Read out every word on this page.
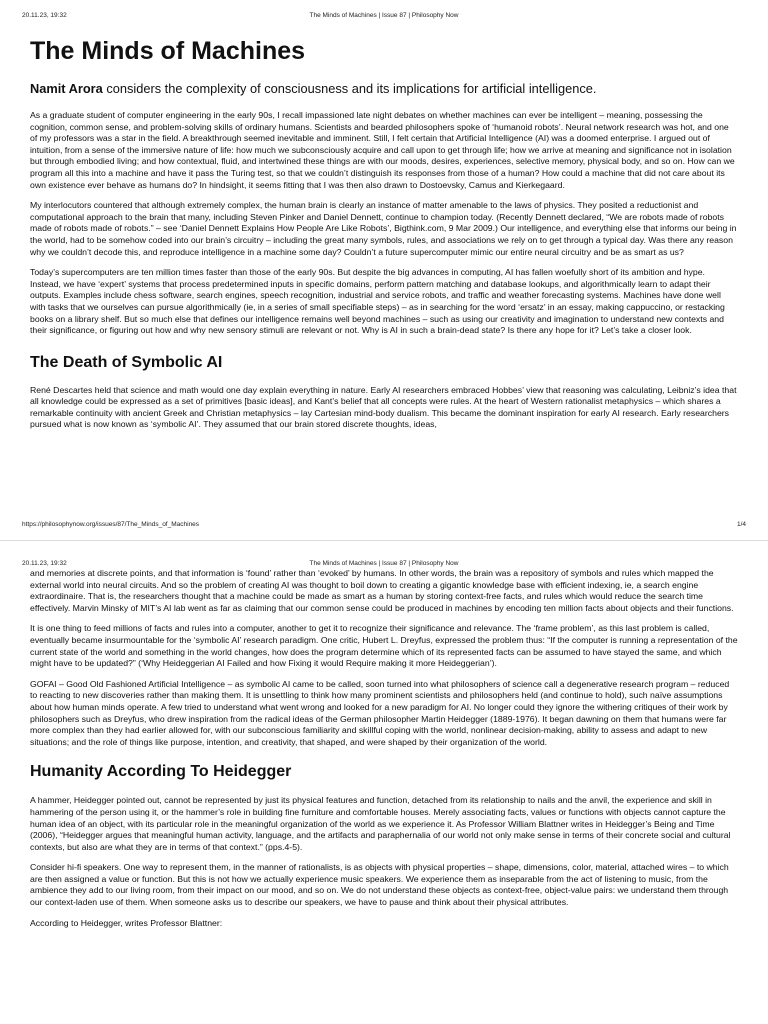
20.11.23, 19:32	The Minds of Machines | Issue 87 | Philosophy Now
The Minds of Machines
Namit Arora considers the complexity of consciousness and its implications for artificial intelligence.

As a graduate student of computer engineering in the early 90s, I recall impassioned late night debates on whether machines can ever be intelligent – meaning, possessing the cognition, common sense, and problem-solving skills of ordinary humans. Scientists and bearded philosophers spoke of ‘humanoid robots’. Neural network research was hot, and one of my professors was a star in the field. A breakthrough seemed inevitable and imminent. Still, I felt certain that Artificial Intelligence (AI) was a doomed enterprise. I argued out of intuition, from a sense of the immersive nature of life: how much we subconsciously acquire and call upon to get through life; how we arrive at meaning and significance not in isolation but through embodied living; and how contextual, fluid, and intertwined these things are with our moods, desires, experiences, selective memory, physical body, and so on. How can we program all this into a machine and have it pass the Turing test, so that we couldn’t distinguish its responses from those of a human? How could a machine that did not care about its own existence ever behave as humans do? In hindsight, it seems fitting that I was then also drawn to Dostoevsky, Camus and Kierkegaard.

My interlocutors countered that although extremely complex, the human brain is clearly an instance of matter amenable to the laws of physics. They posited a reductionist and computational approach to the brain that many, including Steven Pinker and Daniel Dennett, continue to champion today. (Recently Dennett declared, “We are robots made of robots made of robots made of robots.” – see ‘Daniel Dennett Explains How People Are Like Robots’, Bigthink.com, 9 Mar 2009.) Our intelligence, and everything else that informs our being in the world, had to be somehow coded into our brain’s circuitry – including the great many symbols, rules, and associations we rely on to get through a typical day. Was there any reason why we couldn’t decode this, and reproduce intelligence in a machine some day? Couldn’t a future supercomputer mimic our entire neural circuitry and be as smart as us?

Today’s supercomputers are ten million times faster than those of the early 90s. But despite the big advances in computing, AI has fallen woefully short of its ambition and hype. Instead, we have ‘expert’ systems that process predetermined inputs in specific domains, perform pattern matching and database lookups, and algorithmically learn to adapt their outputs. Examples include chess software, search engines, speech recognition, industrial and service robots, and traffic and weather forecasting systems. Machines have done well with tasks that we ourselves can pursue algorithmically (ie, in a series of small specifiable steps) – as in searching for the word ‘ersatz’ in an essay, making cappuccino, or restacking books on a library shelf. But so much else that defines our intelligence remains well beyond machines – such as using our creativity and imagination to understand new contexts and their significance, or figuring out how and why new sensory stimuli are relevant or not. Why is AI in such a brain-dead state? Is there any hope for it? Let’s take a closer look.

The Death of Symbolic AI

René Descartes held that science and math would one day explain everything in nature. Early AI researchers embraced Hobbes’ view that reasoning was calculating, Leibniz’s idea that all knowledge could be expressed as a set of primitives [basic ideas], and Kant’s belief that all concepts were rules. At the heart of Western rationalist metaphysics – which shares a remarkable continuity with ancient Greek and Christian metaphysics – lay Cartesian mind-body dualism. This became the dominant inspiration for early AI research. Early researchers pursued what is now known as ‘symbolic AI’. They assumed that our brain stored discrete thoughts, ideas,

https://philosophynow.org/issues/87/The_Minds_of_Machines	1/4
20.11.23, 19:32	The Minds of Machines | Issue 87 | Philosophy Now

and memories at discrete points, and that information is ‘found’ rather than ‘evoked’ by humans. In other words, the brain was a repository of symbols and rules which mapped the external world into neural circuits. And so the problem of creating AI was thought to boil down to creating a gigantic knowledge base with efficient indexing, ie, a search engine extraordinaire. That is, the researchers thought that a machine could be made as smart as a human by storing context-free facts, and rules which would reduce the search time effectively. Marvin Minsky of MIT’s AI lab went as far as claiming that our common sense could be produced in machines by encoding ten million facts about objects and their functions.

It is one thing to feed millions of facts and rules into a computer, another to get it to recognize their significance and relevance. The ‘frame problem’, as this last problem is called, eventually became insurmountable for the ‘symbolic AI’ research paradigm. One critic, Hubert L. Dreyfus, expressed the problem thus: “If the computer is running a representation of the current state of the world and something in the world changes, how does the program determine which of its represented facts can be assumed to have stayed the same, and which might have to be updated?” (‘Why Heideggerian AI Failed and how Fixing it would Require making it more Heideggerian’).

GOFAI – Good Old Fashioned Artificial Intelligence – as symbolic AI came to be called, soon turned into what philosophers of science call a degenerative research program – reduced to reacting to new discoveries rather than making them. It is unsettling to think how many prominent scientists and philosophers held (and continue to hold), such naïve assumptions about how human minds operate. A few tried to understand what went wrong and looked for a new paradigm for AI. No longer could they ignore the withering critiques of their work by philosophers such as Dreyfus, who drew inspiration from the radical ideas of the German philosopher Martin Heidegger (1889-1976). It began dawning on them that humans were far more complex than they had earlier allowed for, with our subconscious familiarity and skillful coping with the world, nonlinear decision-making, ability to assess and adapt to new situations; and the role of things like purpose, intention, and creativity, that shaped, and were shaped by their organization of the world.

Humanity According To Heidegger

A hammer, Heidegger pointed out, cannot be represented by just its physical features and function, detached from its relationship to nails and the anvil, the experience and skill in hammering of the person using it, or the hammer’s role in building fine furniture and comfortable houses. Merely associating facts, values or functions with objects cannot capture the human idea of an object, with its particular role in the meaningful organization of the world as we experience it. As Professor William Blattner writes in Heidegger’s Being and Time (2006), “Heidegger argues that meaningful human activity, language, and the artifacts and paraphernalia of our world not only make sense in terms of their concrete social and cultural contexts, but also are what they are in terms of that context.” (pps.4-5).

Consider hi-fi speakers. One way to represent them, in the manner of rationalists, is as objects with physical properties – shape, dimensions, color, material, attached wires – to which are then assigned a value or function. But this is not how we actually experience music speakers. We experience them as inseparable from the act of listening to music, from the ambience they add to our living room, from their impact on our mood, and so on. We do not understand these objects as context-free, object-value pairs: we understand them through our context-laden use of them. When someone asks us to describe our speakers, we have to pause and think about their physical attributes.

According to Heidegger, writes Professor Blattner:
